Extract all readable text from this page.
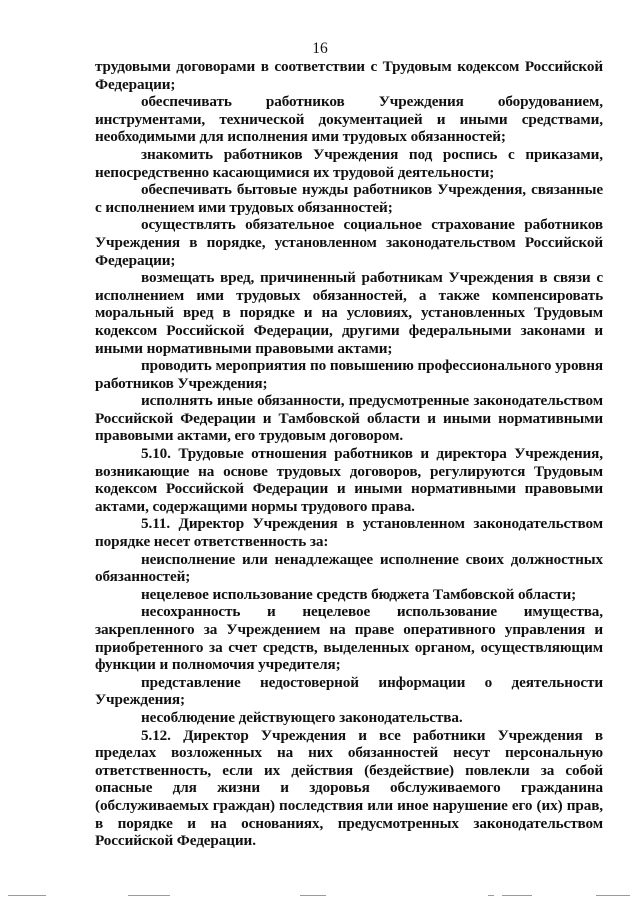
16

трудовыми договорами в соответствии с Трудовым кодексом Российской Федерации;

обеспечивать работников Учреждения оборудованием, инструментами, технической документацией и иными средствами, необходимыми для исполнения ими трудовых обязанностей;

знакомить работников Учреждения под роспись с приказами, непосредственно касающимися их трудовой деятельности;

обеспечивать бытовые нужды работников Учреждения, связанные с исполнением ими трудовых обязанностей;

осуществлять обязательное социальное страхование работников Учреждения в порядке, установленном законодательством Российской Федерации;

возмещать вред, причиненный работникам Учреждения в связи с исполнением ими трудовых обязанностей, а также компенсировать моральный вред в порядке и на условиях, установленных Трудовым кодексом Российской Федерации, другими федеральными законами и иными нормативными правовыми актами;

проводить мероприятия по повышению профессионального уровня работников Учреждения;

исполнять иные обязанности, предусмотренные законодательством Российской Федерации и Тамбовской области и иными нормативными правовыми актами, его трудовым договором.

5.10. Трудовые отношения работников и директора Учреждения, возникающие на основе трудовых договоров, регулируются Трудовым кодексом Российской Федерации и иными нормативными правовыми актами, содержащими нормы трудового права.

5.11. Директор Учреждения в установленном законодательством порядке несет ответственность за:

неисполнение или ненадлежащее исполнение своих должностных обязанностей;

нецелевое использование средств бюджета Тамбовской области;

несохранность и нецелевое использование имущества, закрепленного за Учреждением на праве оперативного управления и приобретенного за счет средств, выделенных органом, осуществляющим функции и полномочия учредителя;

представление недостоверной информации о деятельности Учреждения;

несоблюдение действующего законодательства.

5.12. Директор Учреждения и все работники Учреждения в пределах возложенных на них обязанностей несут персональную ответственность, если их действия (бездействие) повлекли за собой опасные для жизни и здоровья обслуживаемого гражданина (обслуживаемых граждан) последствия или иное нарушение его (их) прав, в порядке и на основаниях, предусмотренных законодательством Российской Федерации.
